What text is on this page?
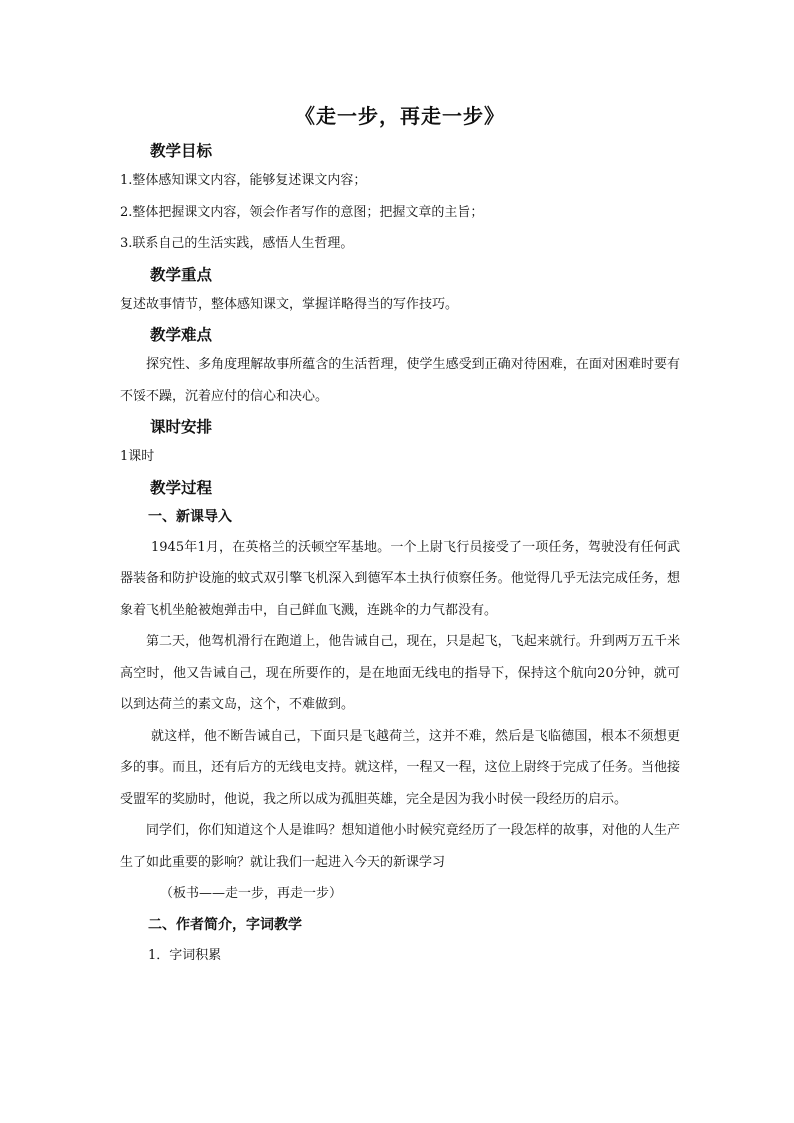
《走一步，再走一步》
教学目标
1.整体感知课文内容，能够复述课文内容；
2.整体把握课文内容，领会作者写作的意图；把握文章的主旨；
3.联系自己的生活实践，感悟人生哲理。
教学重点
复述故事情节，整体感知课文，掌握详略得当的写作技巧。
教学难点
探究性、多角度理解故事所蕴含的生活哲理，使学生感受到正确对待困难，在面对困难时要有不馁不躁，沉着应付的信心和决心。
课时安排
1课时
教学过程
一、新课导入
1945年1月，在英格兰的沃顿空军基地。一个上尉飞行员接受了一项任务，驾驶没有任何武器装备和防护设施的蚊式双引擎飞机深入到德军本土执行侦察任务。他觉得几乎无法完成任务，想象着飞机坐舱被炮弹击中，自己鲜血飞溅，连跳伞的力气都没有。
第二天，他驾机滑行在跑道上，他告诫自己，现在，只是起飞，飞起来就行。升到两万五千米高空时，他又告诫自己，现在所要作的，是在地面无线电的指导下，保持这个航向20分钟，就可以到达荷兰的素文岛，这个，不难做到。
就这样，他不断告诫自己，下面只是飞越荷兰，这并不难，然后是飞临德国，根本不须想更多的事。而且，还有后方的无线电支持。就这样，一程又一程，这位上尉终于完成了任务。当他接受盟军的奖励时，他说，我之所以成为孤胆英雄，完全是因为我小时侯一段经历的启示。
同学们，你们知道这个人是谁吗？想知道他小时候究竟经历了一段怎样的故事，对他的人生产生了如此重要的影响？就让我们一起进入今天的新课学习
（板书——走一步，再走一步）
二、作者简介，字词教学
1．字词积累
